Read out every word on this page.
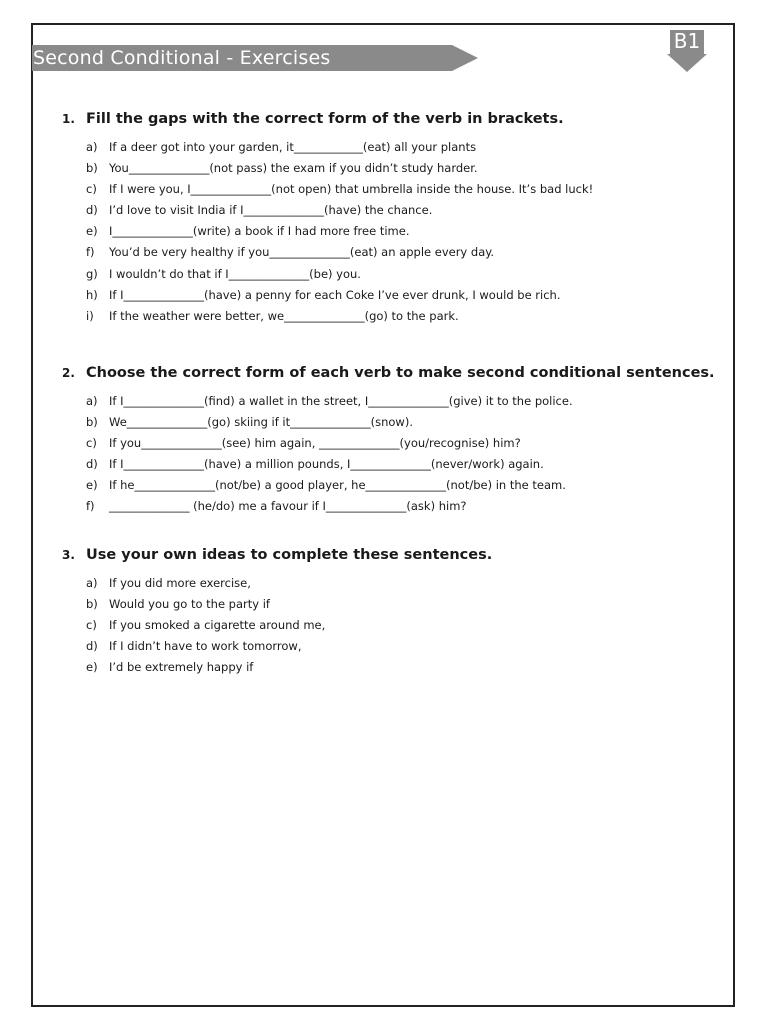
Second Conditional - Exercises
B1
1. Fill the gaps with the correct form of the verb in brackets.
a) If a deer got into your garden, it____________(eat) all your plants
b) You______________(not pass) the exam if you didn’t study harder.
c)	If I were you, I______________(not open) that umbrella inside the house. It’s bad luck!
d) I’d love to visit India if I______________(have) the chance.
e) I______________(write) a book if I had more free time.
f)	You’d be very healthy if you______________(eat) an apple every day.
g) I wouldn’t do that if I______________(be) you.
h) If I______________(have) a penny for each Coke I’ve ever drunk, I would be rich.
i)	If the weather were better, we______________(go) to the park.
2. Choose the correct form of each verb to make second conditional sentences.
a) If I______________(find) a wallet in the street, I______________(give) it to the police.
b) We______________(go) skiing if it______________(snow).
c)	If you______________(see) him again, ______________(you/recognise) him?
d) If I______________(have) a million pounds, I______________(never/work) again.
e) If he______________(not/be) a good player, he______________(not/be) in the team.
f)	______________ (he/do) me a favour if I______________(ask) him?
3. Use your own ideas to complete these sentences.
a) If you did more exercise,
b) Would you go to the party if
c)	If you smoked a cigarette around me,
d) If I didn’t have to work tomorrow,
e) I’d be extremely happy if
